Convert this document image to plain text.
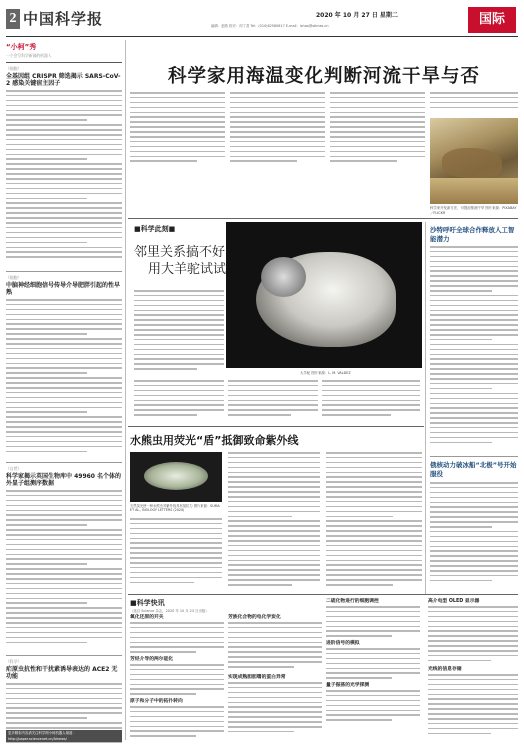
2 中国科学报	2020 年 10 月 27 日 星期二
编辑：赵路 校对：何丁香 Tel：(010)62580617 E-mail：lzhao@stimes.cn	国际
“小柯”秀
一个会写科学新闻的机器人
《细胞》
全基因组 CRISPR 筛选揭示 SARS-CoV-2 感染关键宿主因子
《细胞》
中脑神经细胞信号传导介导肥胖引起的性早熟
《自然》
科学家揭示英国生物库中 49960 名个体的外显子组测序数据
《科学》
疟原虫抗性和干扰素诱导表达的 ACE2 无功能
更多精彩内容请关注科学网小柯机器人频道：http://paper.sciencenet.cn/AInews/
科学家用海温变化判断河流干旱与否
科学家开发新方法，可提前预测干旱 图片来源：PIXABAY／FLICKR
■科学此刻■
邻里关系搞不好
用大羊驼试试
大羊驼 图片来源：L. M. VALDEZ
沙特呼吁全球合作释放人工智能潜力
俄核动力破冰船“北极”号开始服役
水熊虫用荧光“盾”抵御致命紫外线
天然荧光使一种水熊虫对紫外线具有抵抗力 图片来源：SUMA ET AL., BIOLOGY LETTERS (2020)
■科学快讯
（选自 Science 杂志，2020 年 10 月 23 日出版）
氧化还原的开关
芳烃介导的两尔硅化
原子和分子中的拓扑转向
芳族化合物的电化学炭化
实现成熟胆胆嗜的蛋白异常
二硫化物进行的细胞调控
进阶信号的模拟
量子振荡的光学探测
高介电型 OLED 显示器
光线的信息存储
